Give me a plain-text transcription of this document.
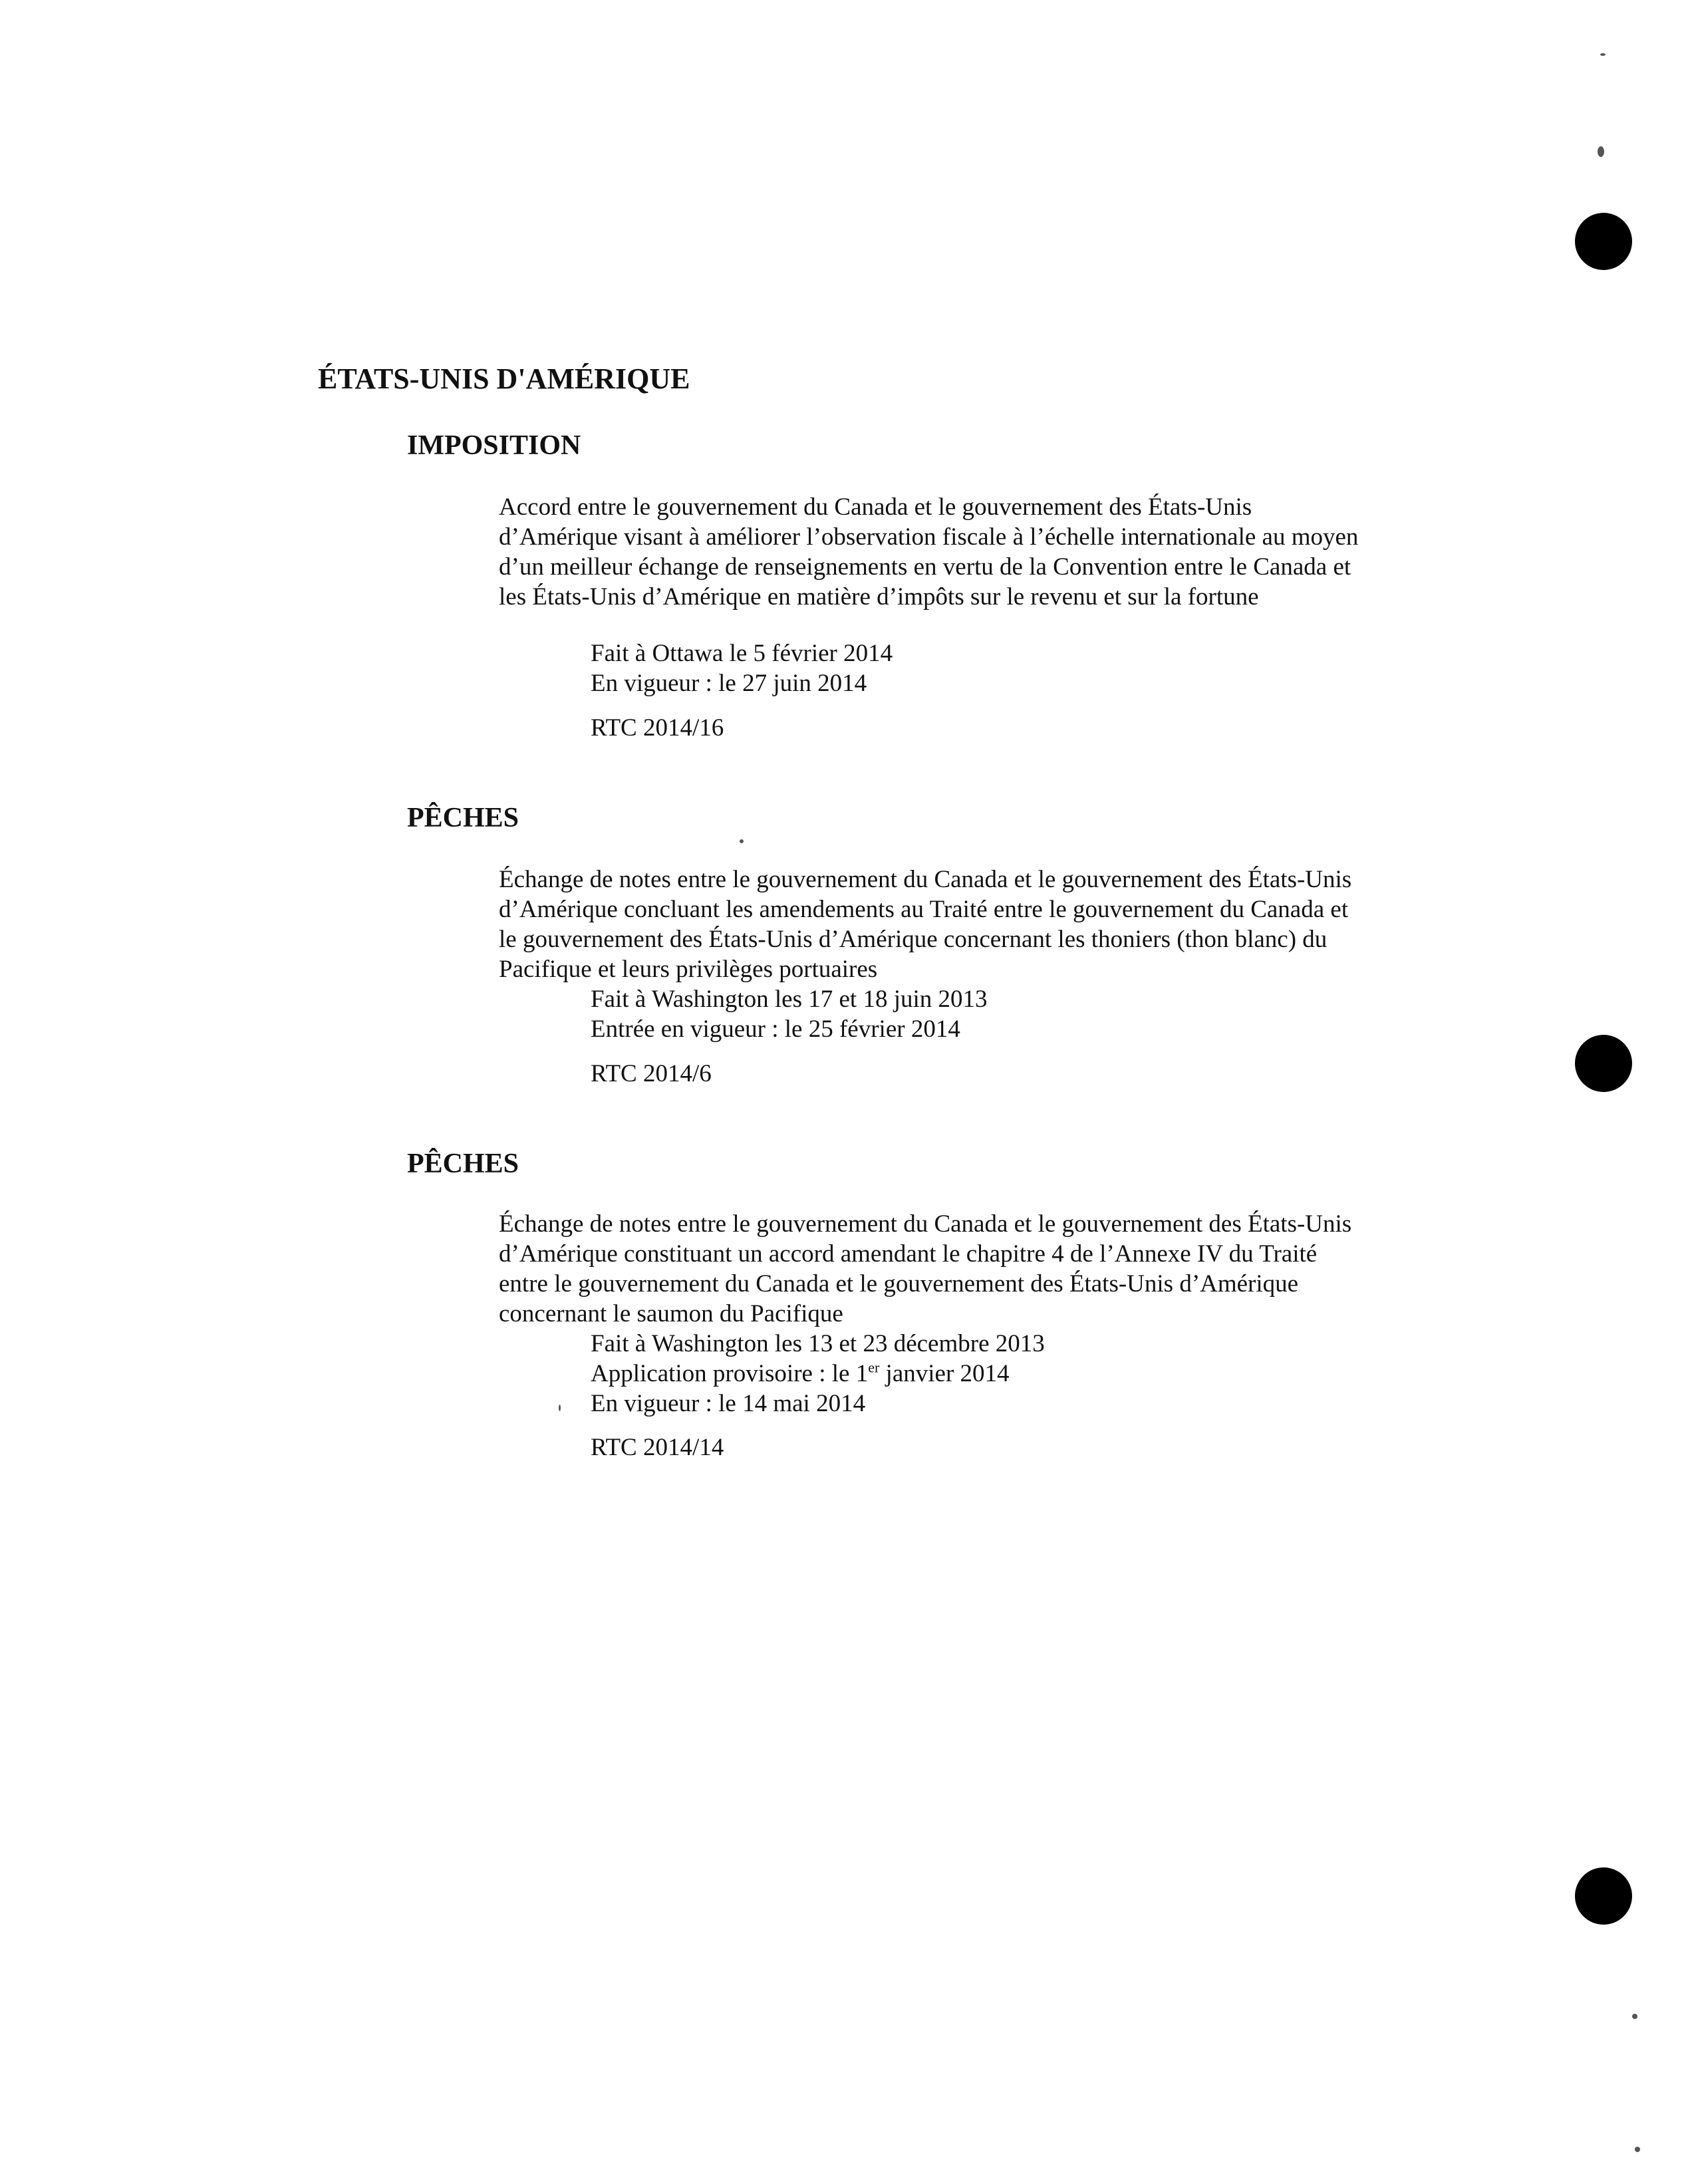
ÉTATS-UNIS D'AMÉRIQUE
IMPOSITION

Accord entre le gouvernement du Canada et le gouvernement des États-Unis d’Amérique visant à améliorer l’observation fiscale à l’échelle internationale au moyen d’un meilleur échange de renseignements en vertu de la Convention entre le Canada et les États-Unis d’Amérique en matière d’impôts sur le revenu et sur la fortune

Fait à Ottawa le 5 février 2014
En vigueur : le 27 juin 2014

RTC 2014/16

PÊCHES

Échange de notes entre le gouvernement du Canada et le gouvernement des États-Unis d’Amérique concluant les amendements au Traité entre le gouvernement du Canada et le gouvernement des États-Unis d’Amérique concernant les thoniers (thon blanc) du Pacifique et leurs privilèges portuaires

Fait à Washington les 17 et 18 juin 2013
Entrée en vigueur : le 25 février 2014

RTC 2014/6

PÊCHES

Échange de notes entre le gouvernement du Canada et le gouvernement des États-Unis d’Amérique constituant un accord amendant le chapitre 4 de l’Annexe IV du Traité entre le gouvernement du Canada et le gouvernement des États-Unis d’Amérique concernant le saumon du Pacifique

Fait à Washington les 13 et 23 décembre 2013
Application provisoire : le 1er janvier 2014
En vigueur : le 14 mai 2014

RTC 2014/14
